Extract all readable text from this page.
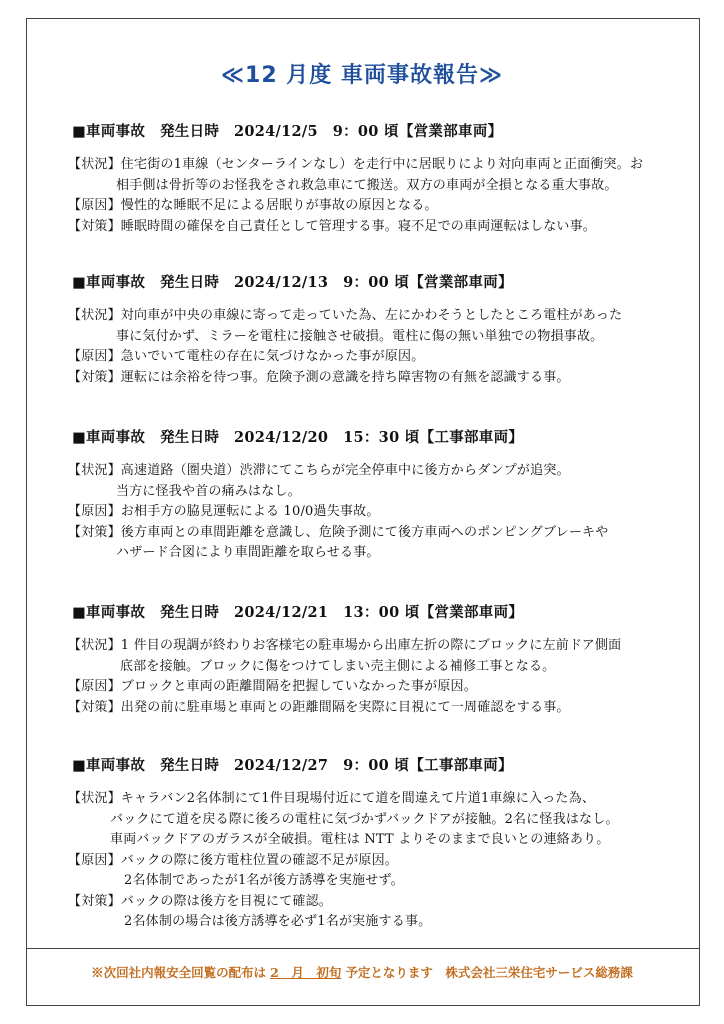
≪12 月度 車両事故報告≫
■車両事故　発生日時　2024/12/5　9：00 頃【営業部車両】
【状況】住宅街の1車線（センターラインなし）を走行中に居眠りにより対向車両と正面衝突。お
相手側は骨折等のお怪我をされ救急車にて搬送。双方の車両が全損となる重大事故。
【原因】慢性的な睡眠不足による居眠りが事故の原因となる。
【対策】睡眠時間の確保を自己責任として管理する事。寝不足での車両運転はしない事。
■車両事故　発生日時　2024/12/13　9：00 頃【営業部車両】
【状況】対向車が中央の車線に寄って走っていた為、左にかわそうとしたところ電柱があった
事に気付かず、ミラーを電柱に接触させ破損。電柱に傷の無い単独での物損事故。
【原因】急いでいて電柱の存在に気づけなかった事が原因。
【対策】運転には余裕を待つ事。危険予測の意識を持ち障害物の有無を認識する事。
■車両事故　発生日時　2024/12/20　15：30 頃【工事部車両】
【状況】高速道路（圏央道）渋滞にてこちらが完全停車中に後方からダンプが追突。
当方に怪我や首の痛みはなし。
【原因】お相手方の脇見運転による 10/0過失事故。
【対策】後方車両との車間距離を意識し、危険予測にて後方車両へのポンピングブレーキや
ハザード合図により車間距離を取らせる事。
■車両事故　発生日時　2024/12/21　13：00 頃【営業部車両】
【状況】1 件目の現調が終わりお客様宅の駐車場から出庫左折の際にブロックに左前ドア側面
底部を接触。ブロックに傷をつけてしまい売主側による補修工事となる。
【原因】ブロックと車両の距離間隔を把握していなかった事が原因。
【対策】出発の前に駐車場と車両との距離間隔を実際に目視にて一周確認をする事。
■車両事故　発生日時　2024/12/27　9：00 頃【工事部車両】
【状況】キャラバン2名体制にて1件目現場付近にて道を間違えて片道1車線に入った為、
バックにて道を戻る際に後ろの電柱に気づかずバックドアが接触。2名に怪我はなし。
車両バックドアのガラスが全破損。電柱は NTT よりそのままで良いとの連絡あり。
【原因】バックの際に後方電柱位置の確認不足が原因。
2名体制であったが1名が後方誘導を実施せず。
【対策】バックの際は後方を目視にて確認。
2名体制の場合は後方誘導を必ず1名が実施する事。
※次回社内報安全回覧の配布は 2　月　初旬 予定となります　株式会社三栄住宅サービス総務課
